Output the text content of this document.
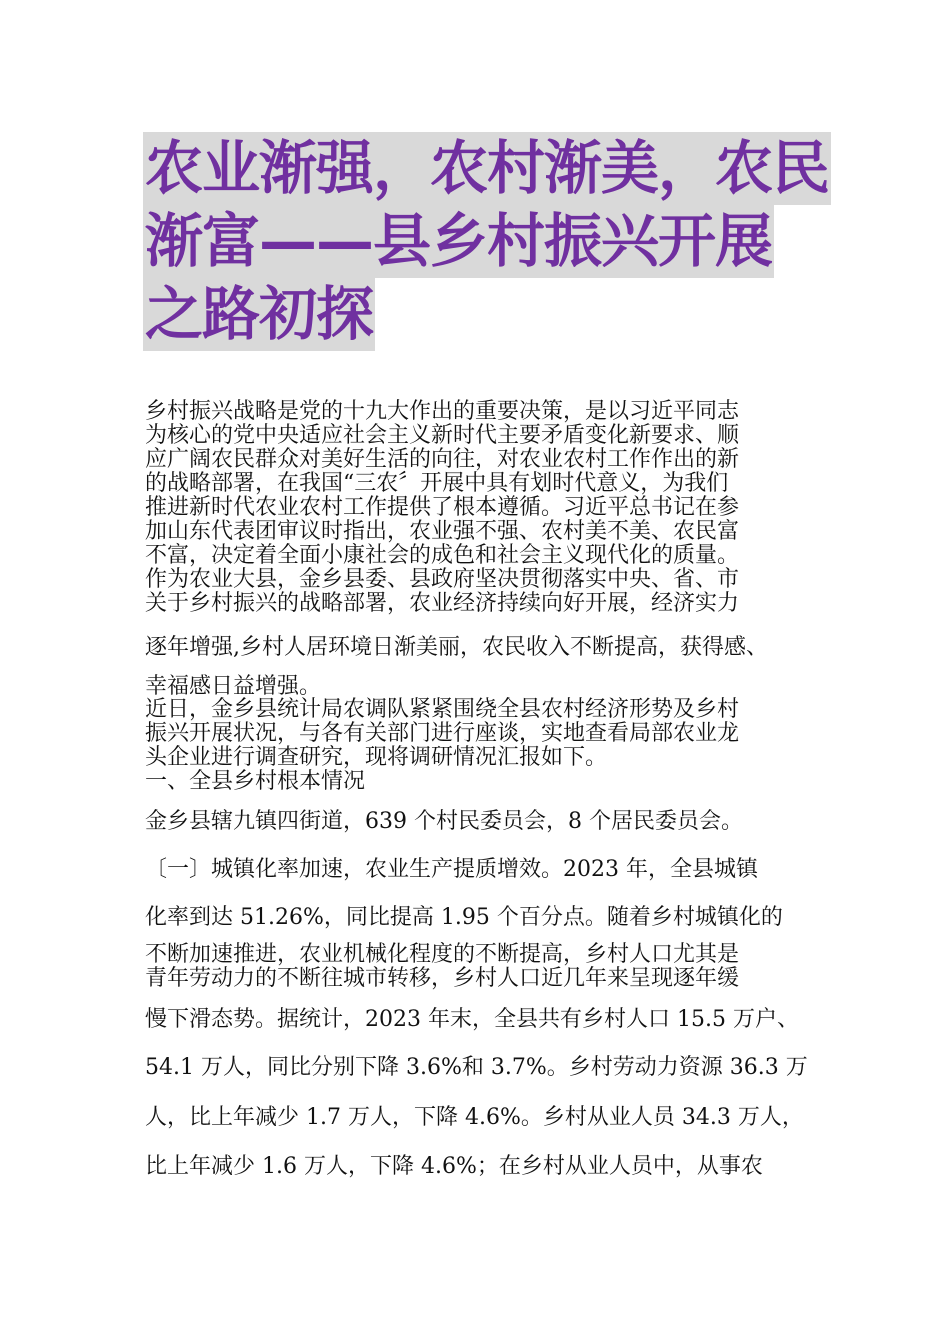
农业渐强，农村渐美，农民
渐富——县乡村振兴开展
之路初探
乡村振兴战略是党的十九大作出的重要决策，是以习近平同志
为核心的党中央适应社会主义新时代主要矛盾变化新要求、顺
应广阔农民群众对美好生活的向往，对农业农村工作作出的新
的战略部署，在我国“三农〞开展中具有划时代意义，为我们
推进新时代农业农村工作提供了根本遵循。习近平总书记在参
加山东代表团审议时指出，农业强不强、农村美不美、农民富
不富，决定着全面小康社会的成色和社会主义现代化的质量。
作为农业大县，金乡县委、县政府坚决贯彻落实中央、省、市
关于乡村振兴的战略部署，农业经济持续向好开展，经济实力
逐年增强,乡村人居环境日渐美丽，农民收入不断提高，获得感、
幸福感日益增强。
近日，金乡县统计局农调队紧紧围绕全县农村经济形势及乡村
振兴开展状况，与各有关部门进行座谈，实地查看局部农业龙
头企业进行调查研究，现将调研情况汇报如下。
一、全县乡村根本情况
金乡县辖九镇四街道，639 个村民委员会，8 个居民委员会。
〔一〕城镇化率加速，农业生产提质增效。2023 年，全县城镇
化率到达 51.26%，同比提高 1.95 个百分点。随着乡村城镇化的
不断加速推进，农业机械化程度的不断提高，乡村人口尤其是
青年劳动力的不断往城市转移，乡村人口近几年来呈现逐年缓
慢下滑态势。据统计，2023 年末，全县共有乡村人口 15.5 万户、
54.1 万人，同比分别下降 3.6%和 3.7%。乡村劳动力资源 36.3 万
人，比上年减少 1.7 万人，下降 4.6%。乡村从业人员 34.3 万人，
比上年减少 1.6 万人，下降 4.6%；在乡村从业人员中，从事农
